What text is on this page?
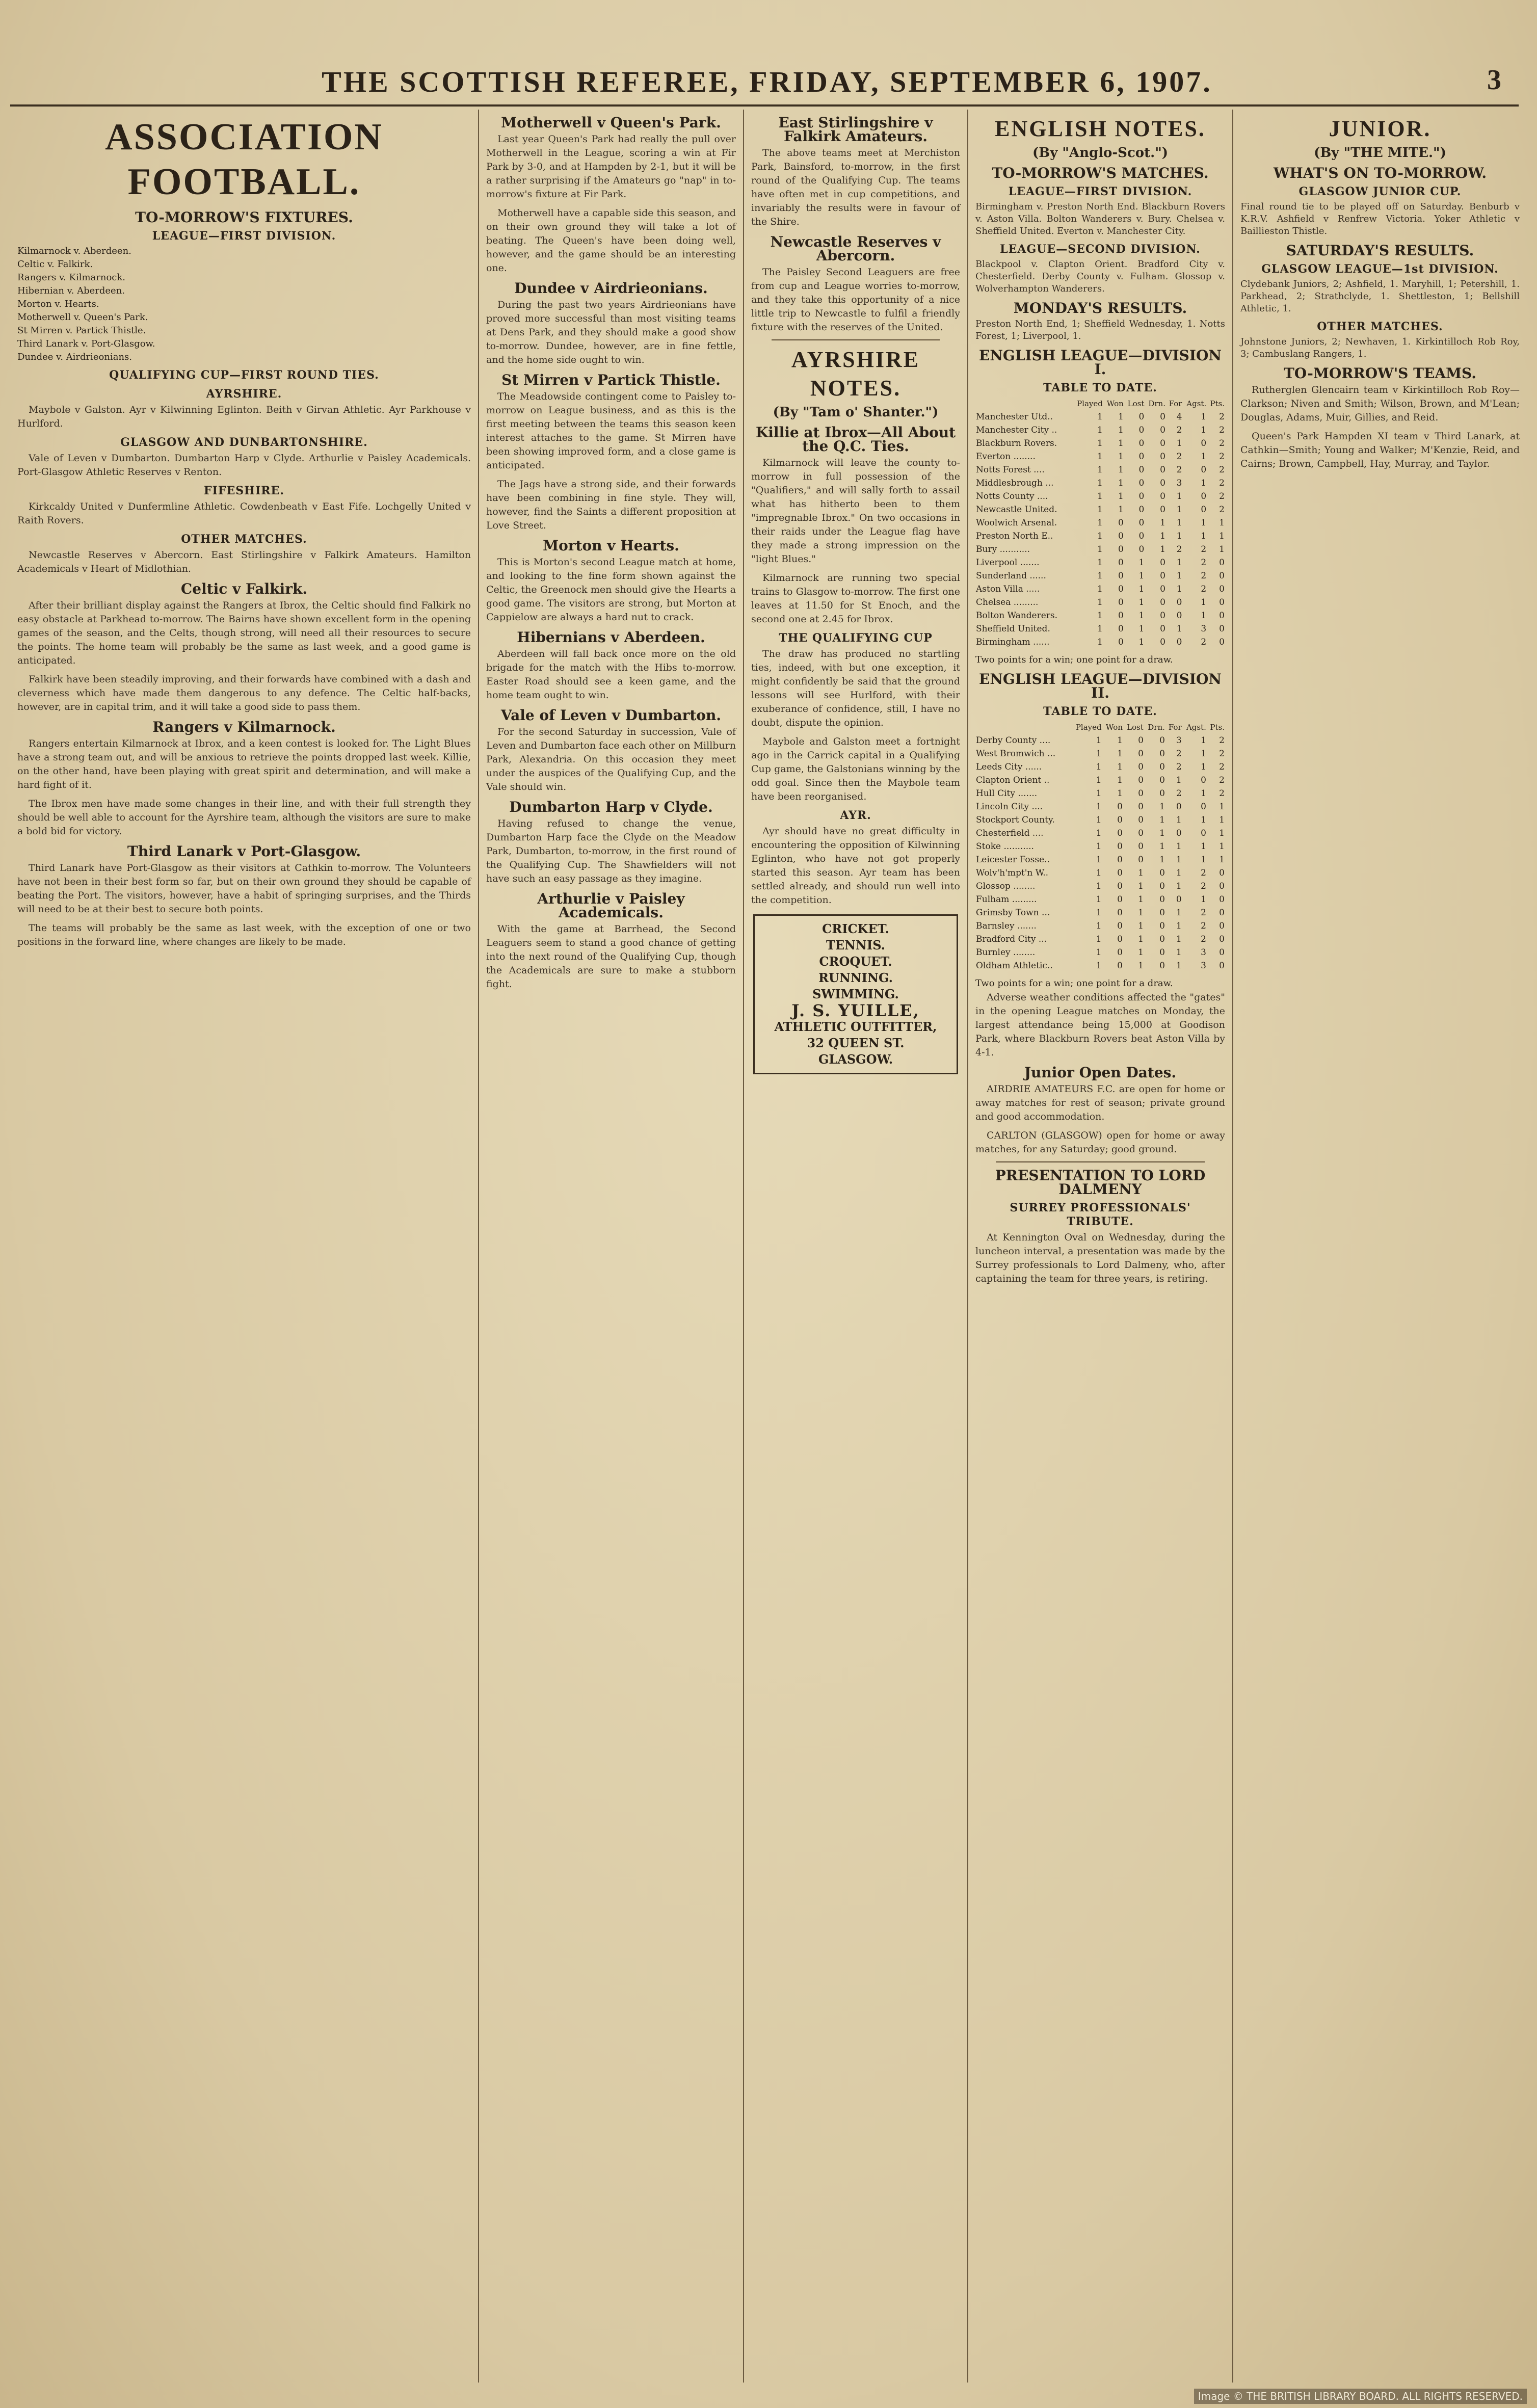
THE SCOTTISH REFEREE, FRIDAY, SEPTEMBER 6, 1907.	3
ASSOCIATION FOOTBALL.
TO-MORROW'S FIXTURES.
LEAGUE—FIRST DIVISION.
Kilmarnock v. Aberdeen.
Celtic v. Falkirk.
Rangers v. Kilmarnock.
Hibernian v. Aberdeen.
Morton v. Hearts.
Motherwell v. Queen's Park.
St Mirren v. Partick Thistle.
Third Lanark v. Port-Glasgow.
Dundee v. Airdrieonians.
QUALIFYING CUP—FIRST ROUND TIES.
AYRSHIRE.

Maybole v Galston. Ayr v Kilwinning Eglinton. Beith v Girvan Athletic. Ayr Parkhouse v Hurlford.

GLASGOW AND DUNBARTONSHIRE.

Vale of Leven v Dumbarton. Dumbarton Harp v Clyde. Arthurlie v Paisley Academicals. Port-Glasgow Athletic Reserves v Renton.

FIFESHIRE.

Kirkcaldy United v Dunfermline Athletic. Cowdenbeath v East Fife. Lochgelly United v Raith Rovers.

OTHER MATCHES.

Newcastle Reserves v Abercorn. East Stirlingshire v Falkirk Amateurs. Hamilton Academicals v Heart of Midlothian.

Celtic v Falkirk.

After their brilliant display against the Rangers at Ibrox, the Celtic should find Falkirk no easy obstacle at Parkhead to-morrow. The Bairns have shown excellent form in the opening games of the season, and the Celts, though strong, will need all their resources to secure the points. The home team will probably be the same as last week, and a good game is anticipated.

Falkirk have been steadily improving, and their forwards have combined with a dash and cleverness which have made them dangerous to any defence. The Celtic half-backs, however, are in capital trim, and it will take a good side to pass them.

Rangers v Kilmarnock.

Rangers entertain Kilmarnock at Ibrox, and a keen contest is looked for. The Light Blues have a strong team out, and will be anxious to retrieve the points dropped last week. Killie, on the other hand, have been playing with great spirit and determination, and will make a hard fight of it.

The Ibrox men have made some changes in their line, and with their full strength they should be well able to account for the Ayrshire team, although the visitors are sure to make a bold bid for victory.

Third Lanark v Port-Glasgow.

Third Lanark have Port-Glasgow as their visitors at Cathkin to-morrow. The Volunteers have not been in their best form so far, but on their own ground they should be capable of beating the Port. The visitors, however, have a habit of springing surprises, and the Thirds will need to be at their best to secure both points.

The teams will probably be the same as last week, with the exception of one or two positions in the forward line, where changes are likely to be made.

Motherwell v Queen's Park.

Last year Queen's Park had really the pull over Motherwell in the League, scoring a win at Fir Park by 3-0, and at Hampden by 2-1, but it will be a rather surprising if the Amateurs go "nap" in to-morrow's fixture at Fir Park.

Motherwell have a capable side this season, and on their own ground they will take a lot of beating. The Queen's have been doing well, however, and the game should be an interesting one.

Dundee v Airdrieonians.

During the past two years Airdrieonians have proved more successful than most visiting teams at Dens Park, and they should make a good show to-morrow. Dundee, however, are in fine fettle, and the home side ought to win.

St Mirren v Partick Thistle.

The Meadowside contingent come to Paisley to-morrow on League business, and as this is the first meeting between the teams this season keen interest attaches to the game. St Mirren have been showing improved form, and a close game is anticipated.

The Jags have a strong side, and their forwards have been combining in fine style. They will, however, find the Saints a different proposition at Love Street.

Morton v Hearts.

This is Morton's second League match at home, and looking to the fine form shown against the Celtic, the Greenock men should give the Hearts a good game. The visitors are strong, but Morton at Cappielow are always a hard nut to crack.

Hibernians v Aberdeen.

Aberdeen will fall back once more on the old brigade for the match with the Hibs to-morrow. Easter Road should see a keen game, and the home team ought to win.

Vale of Leven v Dumbarton.

For the second Saturday in succession, Vale of Leven and Dumbarton face each other on Millburn Park, Alexandria. On this occasion they meet under the auspices of the Qualifying Cup, and the Vale should win.

Dumbarton Harp v Clyde.

Having refused to change the venue, Dumbarton Harp face the Clyde on the Meadow Park, Dumbarton, to-morrow, in the first round of the Qualifying Cup. The Shawfielders will not have such an easy passage as they imagine.

Arthurlie v Paisley Academicals.

With the game at Barrhead, the Second Leaguers seem to stand a good chance of getting into the next round of the Qualifying Cup, though the Academicals are sure to make a stubborn fight.

East Stirlingshire v Falkirk Amateurs.

The above teams meet at Merchiston Park, Bainsford, to-morrow, in the first round of the Qualifying Cup. The teams have often met in cup competitions, and invariably the results were in favour of the Shire.

Newcastle Reserves v Abercorn.

The Paisley Second Leaguers are free from cup and League worries to-morrow, and they take this opportunity of a nice little trip to Newcastle to fulfil a friendly fixture with the reserves of the United.

AYRSHIRE NOTES.
(By "Tam o' Shanter.")
Killie at Ibrox—All About the Q.C. Ties.

Kilmarnock will leave the county to-morrow in full possession of the "Qualifiers," and will sally forth to assail what has hitherto been to them "impregnable Ibrox." On two occasions in their raids under the League flag have they made a strong impression on the "light Blues."

Kilmarnock are running two special trains to Glasgow to-morrow. The first one leaves at 11.50 for St Enoch, and the second one at 2.45 for Ibrox.

THE QUALIFYING CUP

The draw has produced no startling ties, indeed, with but one exception, it might confidently be said that the ground lessons will see Hurlford, with their exuberance of confidence, still, I have no doubt, dispute the opinion.

Maybole and Galston meet a fortnight ago in the Carrick capital in a Qualifying Cup game, the Galstonians winning by the odd goal. Since then the Maybole team have been reorganised.

AYR.

Ayr should have no great difficulty in encountering the opposition of Kilwinning Eglinton, who have not got properly started this season. Ayr team has been settled already, and should run well into the competition.

CRICKET.
TENNIS.
CROQUET.
RUNNING.
SWIMMING.
J. S. YUILLE,
ATHLETIC OUTFITTER,
32 QUEEN ST.
GLASGOW.
ENGLISH NOTES.
(By "Anglo-Scot.")
TO-MORROW'S MATCHES.
LEAGUE—FIRST DIVISION.

Birmingham v. Preston North End. Blackburn Rovers v. Aston Villa. Bolton Wanderers v. Bury. Chelsea v. Sheffield United. Everton v. Manchester City.

LEAGUE—SECOND DIVISION.

Blackpool v. Clapton Orient. Bradford City v. Chesterfield. Derby County v. Fulham. Glossop v. Wolverhampton Wanderers.

MONDAY'S RESULTS.

Preston North End, 1; Sheffield Wednesday, 1. Notts Forest, 1; Liverpool, 1.

ENGLISH LEAGUE—DIVISION I.
TABLE TO DATE.
	Played	Won	Lost	Drn.	For	Agst.	Pts.
Manchester Utd..	1	1	0	0	4	1	2
Manchester City ..	1	1	0	0	2	1	2
Blackburn Rovers.	1	1	0	0	1	0	2
Everton ........	1	1	0	0	2	1	2
Notts Forest ....	1	1	0	0	2	0	2
Middlesbrough ...	1	1	0	0	3	1	2
Notts County ....	1	1	0	0	1	0	2
Newcastle United.	1	1	0	0	1	0	2
Woolwich Arsenal.	1	0	0	1	1	1	1
Preston North E..	1	0	0	1	1	1	1
Bury ...........	1	0	0	1	2	2	1
Liverpool .......	1	0	1	0	1	2	0
Sunderland ......	1	0	1	0	1	2	0
Aston Villa .....	1	0	1	0	1	2	0
Chelsea .........	1	0	1	0	0	1	0
Bolton Wanderers.	1	0	1	0	0	1	0
Sheffield United.	1	0	1	0	1	3	0
Birmingham ......	1	0	1	0	0	2	0
Two points for a win; one point for a draw.
ENGLISH LEAGUE—DIVISION II.
TABLE TO DATE.
	Played	Won	Lost	Drn.	For	Agst.	Pts.
Derby County ....	1	1	0	0	3	1	2
West Bromwich ...	1	1	0	0	2	1	2
Leeds City ......	1	1	0	0	2	1	2
Clapton Orient ..	1	1	0	0	1	0	2
Hull City .......	1	1	0	0	2	1	2
Lincoln City ....	1	0	0	1	0	0	1
Stockport County.	1	0	0	1	1	1	1
Chesterfield ....	1	0	0	1	0	0	1
Stoke ...........	1	0	0	1	1	1	1
Leicester Fosse..	1	0	0	1	1	1	1
Wolv'h'mpt'n W..	1	0	1	0	1	2	0
Glossop ........	1	0	1	0	1	2	0
Fulham .........	1	0	1	0	0	1	0
Grimsby Town ...	1	0	1	0	1	2	0
Barnsley .......	1	0	1	0	1	2	0
Bradford City ...	1	0	1	0	1	2	0
Burnley ........	1	0	1	0	1	3	0
Oldham Athletic..	1	0	1	0	1	3	0
Two points for a win; one point for a draw.

Adverse weather conditions affected the "gates" in the opening League matches on Monday, the largest attendance being 15,000 at Goodison Park, where Blackburn Rovers beat Aston Villa by 4-1.

Junior Open Dates.

AIRDRIE AMATEURS F.C. are open for home or away matches for rest of season; private ground and good accommodation.

CARLTON (GLASGOW) open for home or away matches, for any Saturday; good ground.

PRESENTATION TO LORD DALMENY
SURREY PROFESSIONALS' TRIBUTE.

At Kennington Oval on Wednesday, during the luncheon interval, a presentation was made by the Surrey professionals to Lord Dalmeny, who, after captaining the team for three years, is retiring.

JUNIOR.
(By "THE MITE.")
WHAT'S ON TO-MORROW.
GLASGOW JUNIOR CUP.

Final round tie to be played off on Saturday. Benburb v K.R.V. Ashfield v Renfrew Victoria. Yoker Athletic v Baillieston Thistle.

SATURDAY'S RESULTS.
GLASGOW LEAGUE—1st DIVISION.

Clydebank Juniors, 2; Ashfield, 1. Maryhill, 1; Petershill, 1. Parkhead, 2; Strathclyde, 1. Shettleston, 1; Bellshill Athletic, 1.

OTHER MATCHES.

Johnstone Juniors, 2; Newhaven, 1. Kirkintilloch Rob Roy, 3; Cambuslang Rangers, 1.

TO-MORROW'S TEAMS.

Rutherglen Glencairn team v Kirkintilloch Rob Roy—Clarkson; Niven and Smith; Wilson, Brown, and M'Lean; Douglas, Adams, Muir, Gillies, and Reid.

Queen's Park Hampden XI team v Third Lanark, at Cathkin—Smith; Young and Walker; M'Kenzie, Reid, and Cairns; Brown, Campbell, Hay, Murray, and Taylor.

Image © THE BRITISH LIBRARY BOARD. ALL RIGHTS RESERVED.
